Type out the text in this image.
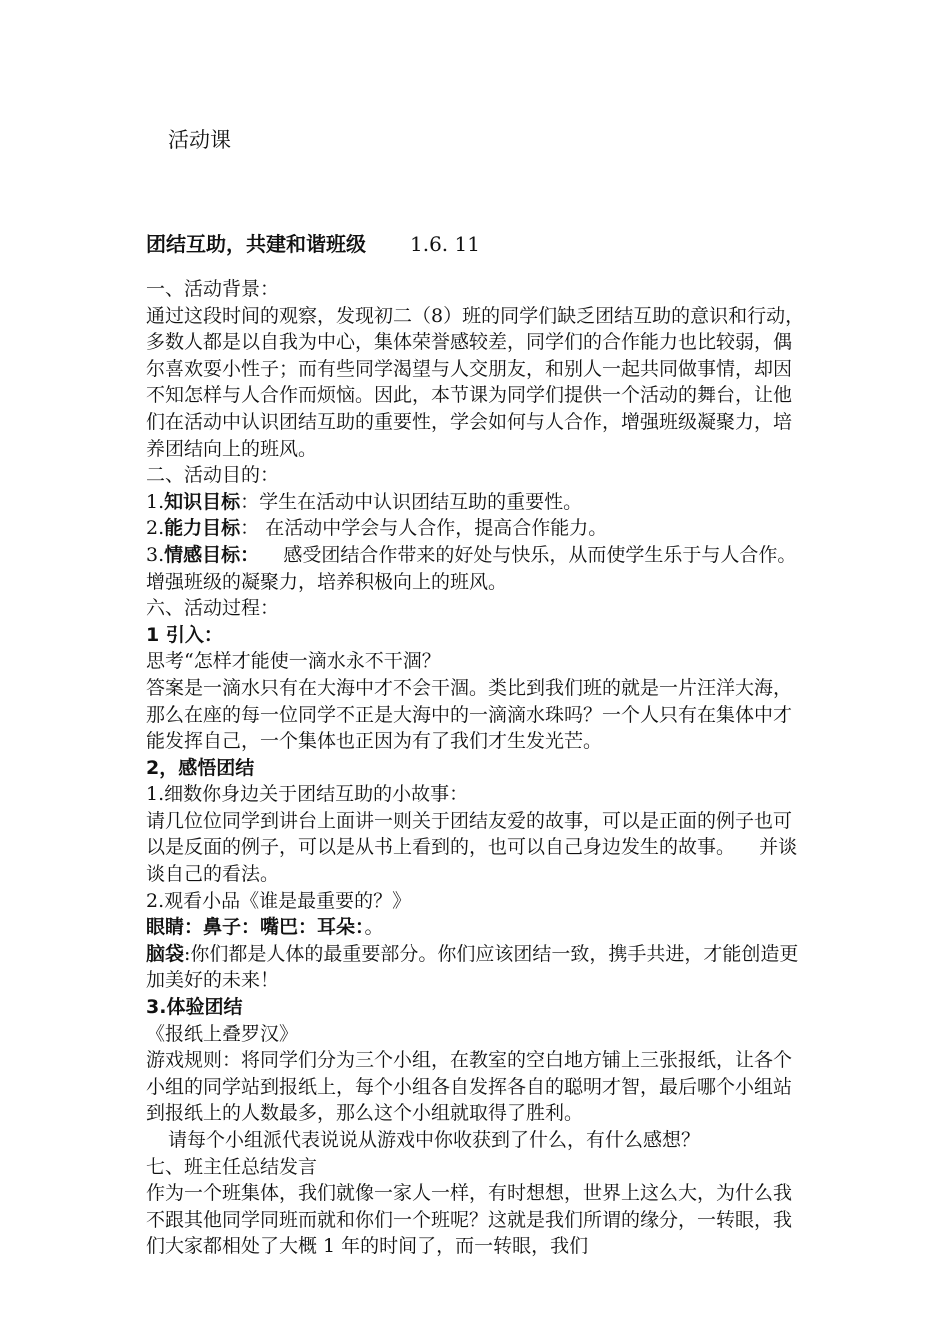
活动课
团结互助，共建和谐班级 1.6. 11

一、活动背景：

通过这段时间的观察，发现初二（8）班的同学们缺乏团结互助的意识和行动，多数人都是以自我为中心，集体荣誉感较差，同学们的合作能力也比较弱，偶尔喜欢耍小性子；而有些同学渴望与人交朋友，和别人一起共同做事情，却因不知怎样与人合作而烦恼。因此，本节课为同学们提供一个活动的舞台，让他们在活动中认识团结互助的重要性，学会如何与人合作，增强班级凝聚力，培养团结向上的班风。

二、活动目的：

1.知识目标：学生在活动中认识团结互助的重要性。

2.能力目标： 在活动中学会与人合作，提高合作能力。

3.情感目标：    感受团结合作带来的好处与快乐，从而使学生乐于与人合作。    增强班级的凝聚力，培养积极向上的班风。

六、活动过程：

1 引入：

思考“怎样才能使一滴水永不干涸？

答案是一滴水只有在大海中才不会干涸。类比到我们班的就是一片汪洋大海，那么在座的每一位同学不正是大海中的一滴滴水珠吗？一个人只有在集体中才能发挥自己，一个集体也正因为有了我们才生发光芒。

2，感悟团结

1.细数你身边关于团结互助的小故事：

请几位位同学到讲台上面讲一则关于团结友爱的故事，可以是正面的例子也可以是反面的例子，可以是从书上看到的，也可以自己身边发生的故事。    并谈谈自己的看法。

2.观看小品《谁是最重要的？》

眼睛：鼻子：嘴巴：耳朵：。

脑袋:你们都是人体的最重要部分。你们应该团结一致，携手共进，才能创造更加美好的未来！

3.体验团结

《报纸上叠罗汉》

游戏规则：将同学们分为三个小组，在教室的空白地方铺上三张报纸，让各个小组的同学站到报纸上，每个小组各自发挥各自的聪明才智，最后哪个小组站到报纸上的人数最多，那么这个小组就取得了胜利。

请每个小组派代表说说从游戏中你收获到了什么，有什么感想？

七、班主任总结发言

作为一个班集体，我们就像一家人一样，有时想想，世界上这么大，为什么我不跟其他同学同班而就和你们一个班呢？这就是我们所谓的缘分，一转眼，我们大家都相处了大概 1 年的时间了，而一转眼，我们
